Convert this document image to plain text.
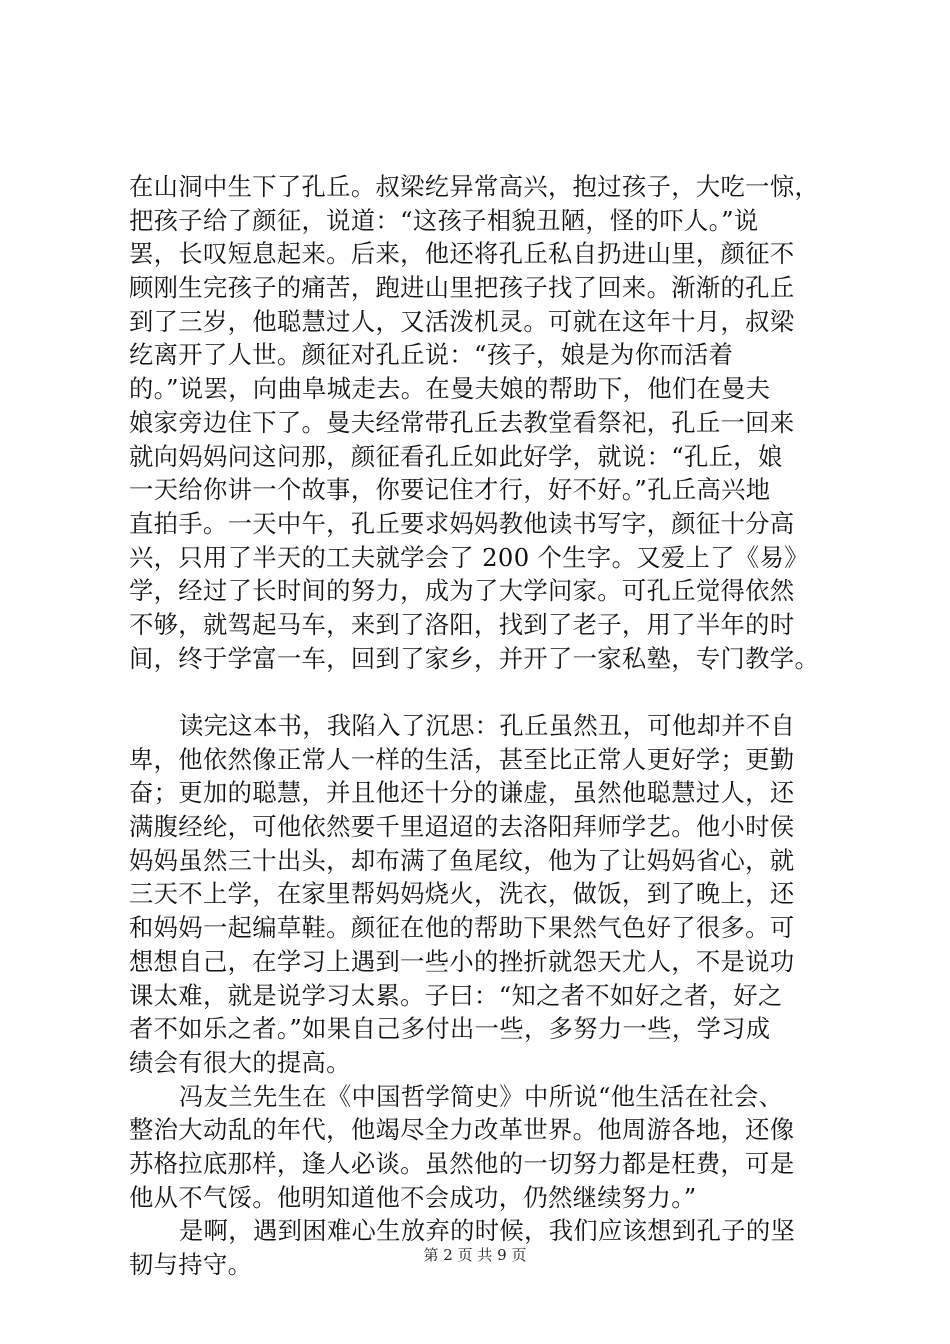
在山洞中生下了孔丘。叔梁纥异常高兴，抱过孩子，大吃一惊，
把孩子给了颜征，说道：“这孩子相貌丑陋，怪的吓人。”说
罢，长叹短息起来。后来，他还将孔丘私自扔进山里，颜征不
顾刚生完孩子的痛苦，跑进山里把孩子找了回来。渐渐的孔丘
到了三岁，他聪慧过人，又活泼机灵。可就在这年十月，叔梁
纥离开了人世。颜征对孔丘说：“孩子，娘是为你而活着
的。”说罢，向曲阜城走去。在曼夫娘的帮助下，他们在曼夫
娘家旁边住下了。曼夫经常带孔丘去教堂看祭祀，孔丘一回来
就向妈妈问这问那，颜征看孔丘如此好学，就说：“孔丘，娘
一天给你讲一个故事，你要记住才行，好不好。”孔丘高兴地
直拍手。一天中午，孔丘要求妈妈教他读书写字，颜征十分高
兴，只用了半天的工夫就学会了 200 个生字。又爱上了《易》
学，经过了长时间的努力，成为了大学问家。可孔丘觉得依然
不够，就驾起马车，来到了洛阳，找到了老子，用了半年的时
间，终于学富一车，回到了家乡，并开了一家私塾，专门教学。
读完这本书，我陷入了沉思：孔丘虽然丑，可他却并不自
卑，他依然像正常人一样的生活，甚至比正常人更好学；更勤
奋；更加的聪慧，并且他还十分的谦虚，虽然他聪慧过人，还
满腹经纶，可他依然要千里迢迢的去洛阳拜师学艺。他小时侯
妈妈虽然三十出头，却布满了鱼尾纹，他为了让妈妈省心，就
三天不上学，在家里帮妈妈烧火，洗衣，做饭，到了晚上，还
和妈妈一起编草鞋。颜征在他的帮助下果然气色好了很多。可
想想自己，在学习上遇到一些小的挫折就怨天尤人，不是说功
课太难，就是说学习太累。子曰：“知之者不如好之者，好之
者不如乐之者。”如果自己多付出一些，多努力一些，学习成
绩会有很大的提高。
冯友兰先生在《中国哲学简史》中所说“他生活在社会、
整治大动乱的年代，他竭尽全力改革世界。他周游各地，还像
苏格拉底那样，逢人必谈。虽然他的一切努力都是枉费，可是
他从不气馁。他明知道他不会成功，仍然继续努力。”
是啊，遇到困难心生放弃的时候，我们应该想到孔子的坚
韧与持守。	第 2 页 共 9 页
